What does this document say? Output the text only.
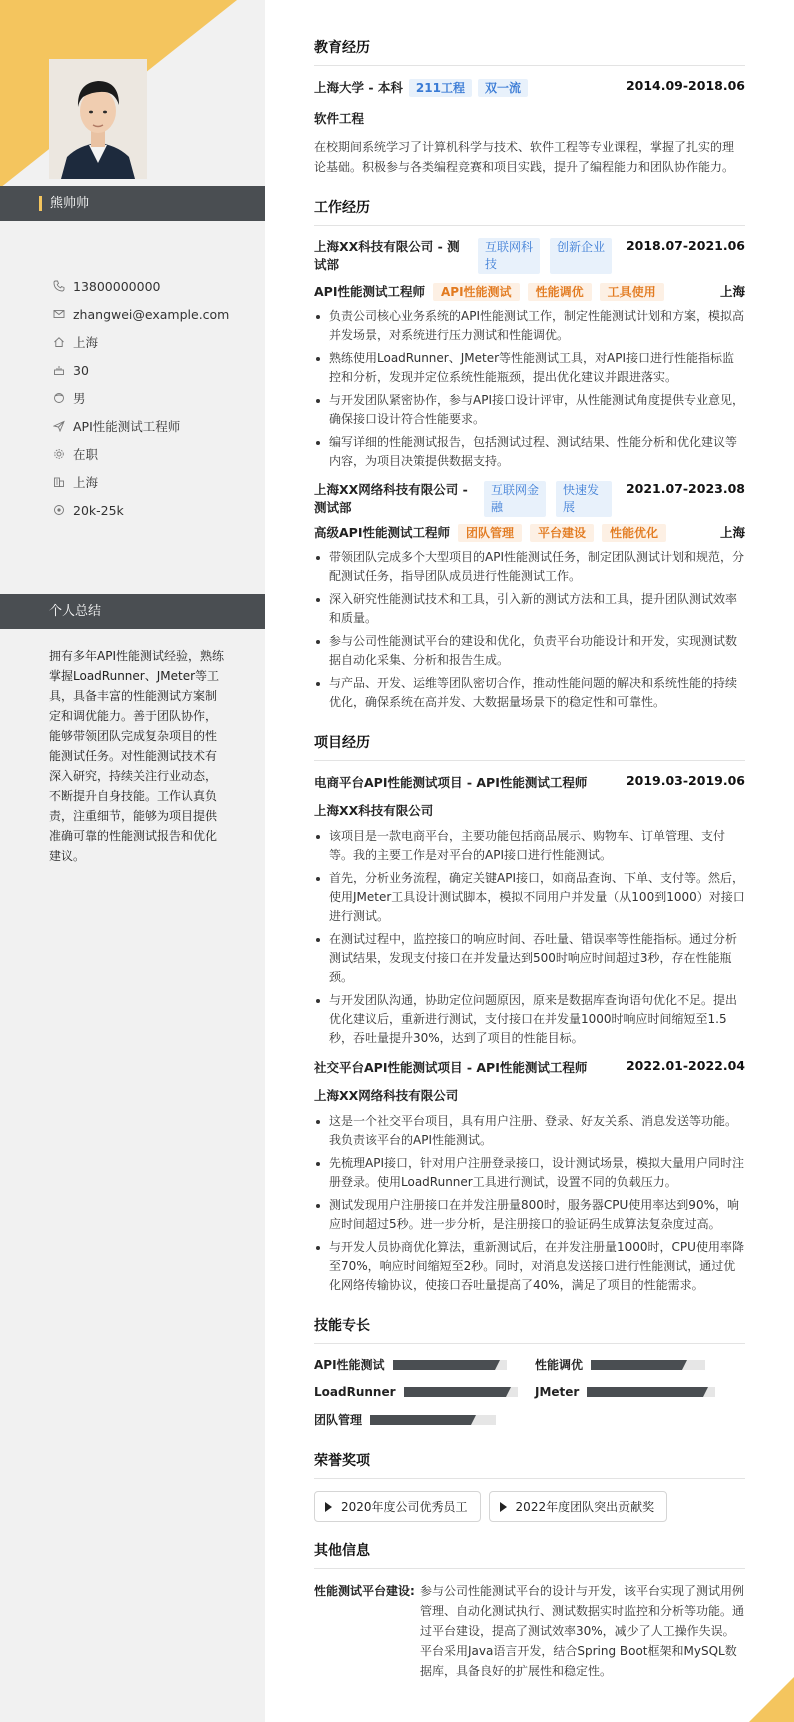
熊帅帅
13800000000
zhangwei@example.com
上海
30
男
API性能测试工程师
在职
上海
20k-25k
个人总结
拥有多年API性能测试经验，熟练掌握LoadRunner、JMeter等工具，具备丰富的性能测试方案制定和调优能力。善于团队协作，能够带领团队完成复杂项目的性能测试任务。对性能测试技术有深入研究，持续关注行业动态，不断提升自身技能。工作认真负责，注重细节，能够为项目提供准确可靠的性能测试报告和优化建议。
教育经历
上海大学 - 本科 211工程 双一流	2014.09-2018.06
软件工程
在校期间系统学习了计算机科学与技术、软件工程等专业课程，掌握了扎实的理论基础。积极参与各类编程竞赛和项目实践，提升了编程能力和团队协作能力。
工作经历
上海XX科技有限公司 - 测试部
互联网科技
创新企业	2018.07-2021.06
API性能测试工程师 API性能测试 性能调优 工具使用	上海
负责公司核心业务系统的API性能测试工作，制定性能测试计划和方案，模拟高并发场景，对系统进行压力测试和性能调优。
熟练使用LoadRunner、JMeter等性能测试工具，对API接口进行性能指标监控和分析，发现并定位系统性能瓶颈，提出优化建议并跟进落实。
与开发团队紧密协作，参与API接口设计评审，从性能测试角度提供专业意见，确保接口设计符合性能要求。
编写详细的性能测试报告，包括测试过程、测试结果、性能分析和优化建议等内容，为项目决策提供数据支持。
上海XX网络科技有限公司 - 测试部
互联网金融
快速发展
2021.07-2023.08
高级API性能测试工程师 团队管理 平台建设 性能优化	上海
带领团队完成多个大型项目的API性能测试任务，制定团队测试计划和规范，分配测试任务，指导团队成员进行性能测试工作。
深入研究性能测试技术和工具，引入新的测试方法和工具，提升团队测试效率和质量。
参与公司性能测试平台的建设和优化，负责平台功能设计和开发，实现测试数据自动化采集、分析和报告生成。
与产品、开发、运维等团队密切合作，推动性能问题的解决和系统性能的持续优化，确保系统在高并发、大数据量场景下的稳定性和可靠性。
项目经历
电商平台API性能测试项目 - API性能测试工程师	2019.03-2019.06
上海XX科技有限公司
该项目是一款电商平台，主要功能包括商品展示、购物车、订单管理、支付等。我的主要工作是对平台的API接口进行性能测试。
首先，分析业务流程，确定关键API接口，如商品查询、下单、支付等。然后，使用JMeter工具设计测试脚本，模拟不同用户并发量（从100到1000）对接口进行测试。
在测试过程中，监控接口的响应时间、吞吐量、错误率等性能指标。通过分析测试结果，发现支付接口在并发量达到500时响应时间超过3秒，存在性能瓶颈。
与开发团队沟通，协助定位问题原因，原来是数据库查询语句优化不足。提出优化建议后，重新进行测试，支付接口在并发量1000时响应时间缩短至1.5秒，吞吐量提升30%，达到了项目的性能目标。
社交平台API性能测试项目 - API性能测试工程师	2022.01-2022.04
上海XX网络科技有限公司
这是一个社交平台项目，具有用户注册、登录、好友关系、消息发送等功能。我负责该平台的API性能测试。
先梳理API接口，针对用户注册登录接口，设计测试场景，模拟大量用户同时注册登录。使用LoadRunner工具进行测试，设置不同的负载压力。
测试发现用户注册接口在并发注册量800时，服务器CPU使用率达到90%，响应时间超过5秒。进一步分析，是注册接口的验证码生成算法复杂度过高。
与开发人员协商优化算法，重新测试后，在并发注册量1000时，CPU使用率降至70%，响应时间缩短至2秒。同时，对消息发送接口进行性能测试，通过优化网络传输协议，使接口吞吐量提高了40%，满足了项目的性能需求。
技能专长
API性能测试	性能调优
LoadRunner	JMeter
团队管理
荣誉奖项
2020年度公司优秀员工	2022年度团队突出贡献奖
其他信息
性能测试平台建设: 参与公司性能测试平台的设计与开发，该平台实现了测试用例管理、自动化测试执行、测试数据实时监控和分析等功能。通过平台建设，提高了测试效率30%，减少了人工操作失误。平台采用Java语言开发，结合Spring Boot框架和MySQL数据库，具备良好的扩展性和稳定性。
